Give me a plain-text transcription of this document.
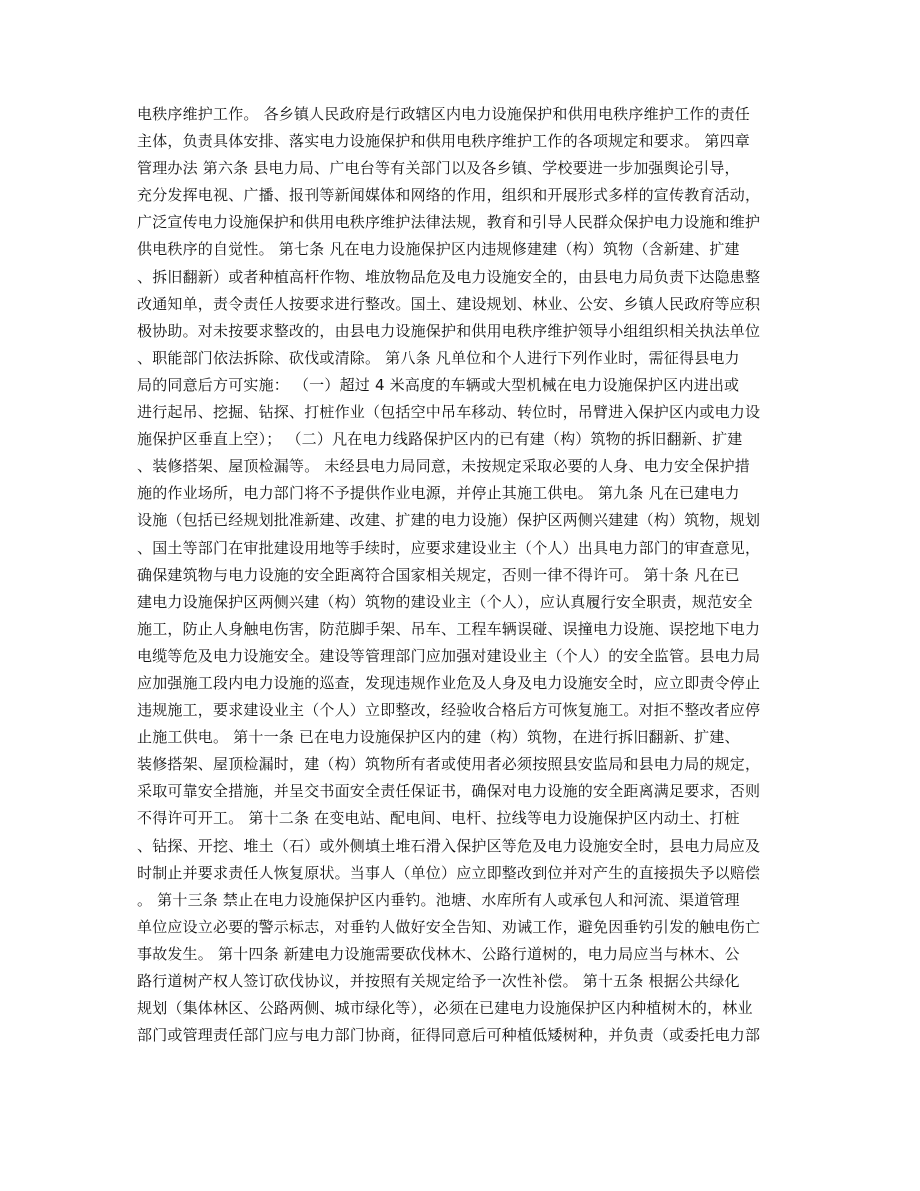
电秩序维护工作。 各乡镇人民政府是行政辖区内电力设施保护和供用电秩序维护工作的责任
主体，负责具体安排、落实电力设施保护和供用电秩序维护工作的各项规定和要求。 第四章
管理办法 第六条 县电力局、广电台等有关部门以及各乡镇、学校要进一步加强舆论引导，
充分发挥电视、广播、报刊等新闻媒体和网络的作用，组织和开展形式多样的宣传教育活动，
广泛宣传电力设施保护和供用电秩序维护法律法规，教育和引导人民群众保护电力设施和维护
供电秩序的自觉性。 第七条 凡在电力设施保护区内违规修建建（构）筑物（含新建、扩建
、拆旧翻新）或者种植高杆作物、堆放物品危及电力设施安全的，由县电力局负责下达隐患整
改通知单，责令责任人按要求进行整改。国土、建设规划、林业、公安、乡镇人民政府等应积
极协助。对未按要求整改的，由县电力设施保护和供用电秩序维护领导小组组织相关执法单位
、职能部门依法拆除、砍伐或清除。 第八条 凡单位和个人进行下列作业时，需征得县电力
局的同意后方可实施： （一）超过 4 米高度的车辆或大型机械在电力设施保护区内进出或
进行起吊、挖掘、钻探、打桩作业（包括空中吊车移动、转位时，吊臂进入保护区内或电力设
施保护区垂直上空）； （二）凡在电力线路保护区内的已有建（构）筑物的拆旧翻新、扩建
、装修搭架、屋顶检漏等。 未经县电力局同意，未按规定采取必要的人身、电力安全保护措
施的作业场所，电力部门将不予提供作业电源，并停止其施工供电。 第九条 凡在已建电力
设施（包括已经规划批准新建、改建、扩建的电力设施）保护区两侧兴建建（构）筑物，规划
、国土等部门在审批建设用地等手续时，应要求建设业主（个人）出具电力部门的审查意见，
确保建筑物与电力设施的安全距离符合国家相关规定，否则一律不得许可。 第十条 凡在已
建电力设施保护区两侧兴建（构）筑物的建设业主（个人），应认真履行安全职责，规范安全
施工，防止人身触电伤害，防范脚手架、吊车、工程车辆误碰、误撞电力设施、误挖地下电力
电缆等危及电力设施安全。建设等管理部门应加强对建设业主（个人）的安全监管。县电力局
应加强施工段内电力设施的巡查，发现违规作业危及人身及电力设施安全时，应立即责令停止
违规施工，要求建设业主（个人）立即整改，经验收合格后方可恢复施工。对拒不整改者应停
止施工供电。 第十一条 已在电力设施保护区内的建（构）筑物，在进行拆旧翻新、扩建、
装修搭架、屋顶检漏时，建（构）筑物所有者或使用者必须按照县安监局和县电力局的规定，
采取可靠安全措施，并呈交书面安全责任保证书，确保对电力设施的安全距离满足要求，否则
不得许可开工。 第十二条 在变电站、配电间、电杆、拉线等电力设施保护区内动土、打桩
、钻探、开挖、堆土（石）或外侧填土堆石滑入保护区等危及电力设施安全时，县电力局应及
时制止并要求责任人恢复原状。当事人（单位）应立即整改到位并对产生的直接损失予以赔偿
。 第十三条 禁止在电力设施保护区内垂钓。池塘、水库所有人或承包人和河流、渠道管理
单位应设立必要的警示标志，对垂钓人做好安全告知、劝诫工作，避免因垂钓引发的触电伤亡
事故发生。 第十四条 新建电力设施需要砍伐林木、公路行道树的，电力局应当与林木、公
路行道树产权人签订砍伐协议，并按照有关规定给予一次性补偿。 第十五条 根据公共绿化
规划（集体林区、公路两侧、城市绿化等），必须在已建电力设施保护区内种植树木的，林业
部门或管理责任部门应与电力部门协商，征得同意后可种植低矮树种，并负责（或委托电力部
